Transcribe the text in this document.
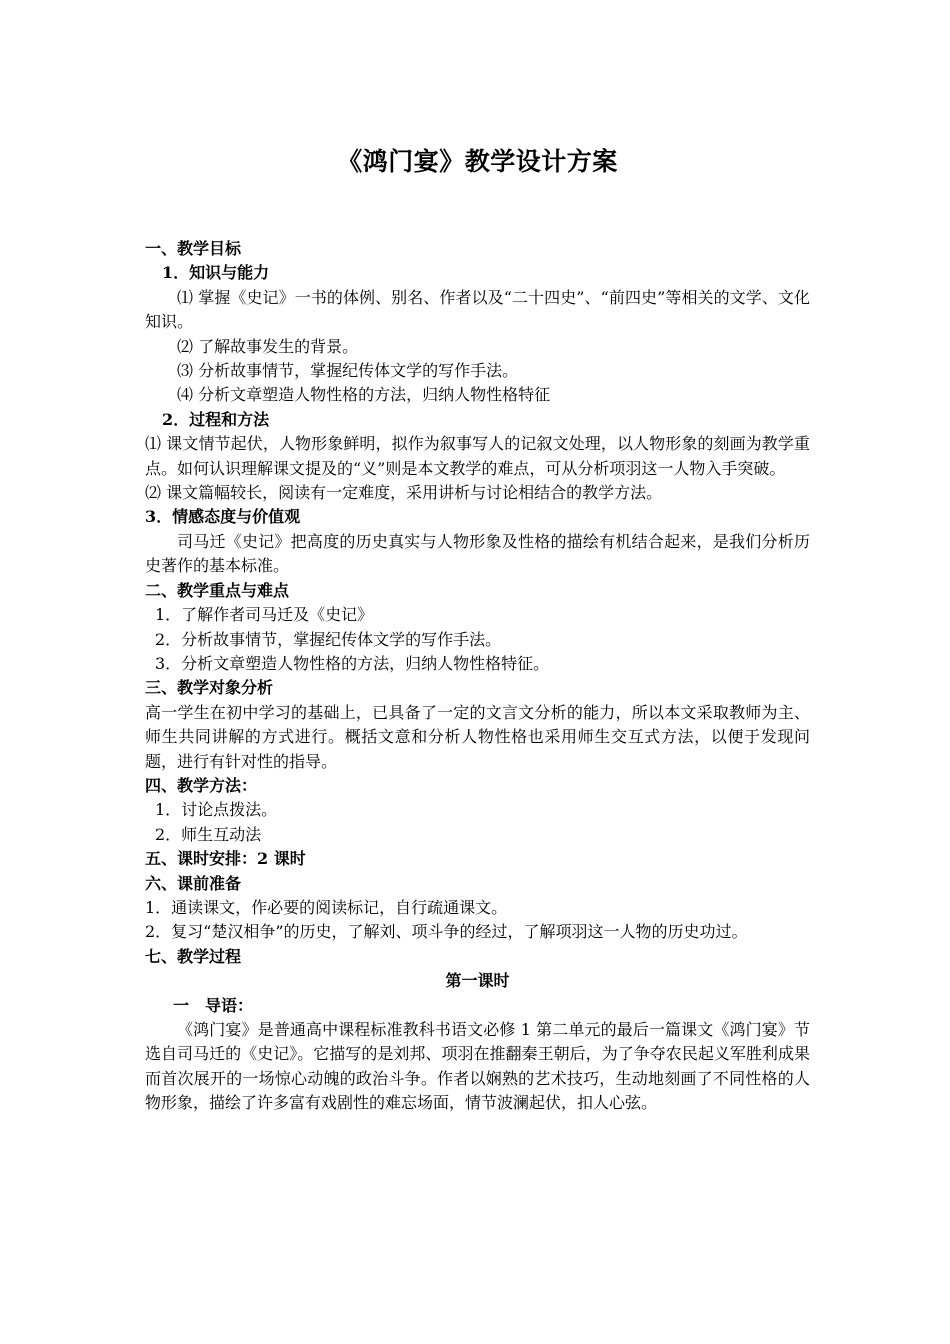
《鸿门宴》教学设计方案

一、教学目标

1．知识与能力

⑴ 掌握《史记》一书的体例、别名、作者以及“二十四史”、“前四史”等相关的文学、文化知识。

⑵ 了解故事发生的背景。

⑶ 分析故事情节，掌握纪传体文学的写作手法。

⑷ 分析文章塑造人物性格的方法，归纳人物性格特征

2．过程和方法

⑴ 课文情节起伏，人物形象鲜明，拟作为叙事写人的记叙文处理，以人物形象的刻画为教学重点。如何认识理解课文提及的“义”则是本文教学的难点，可从分析项羽这一人物入手突破。

⑵ 课文篇幅较长，阅读有一定难度，采用讲析与讨论相结合的教学方法。

3．情感态度与价值观

司马迁《史记》把高度的历史真实与人物形象及性格的描绘有机结合起来，是我们分析历史著作的基本标准。

二、教学重点与难点

1．了解作者司马迁及《史记》

2．分析故事情节，掌握纪传体文学的写作手法。

3．分析文章塑造人物性格的方法，归纳人物性格特征。

三、教学对象分析

高一学生在初中学习的基础上，已具备了一定的文言文分析的能力，所以本文采取教师为主、师生共同讲解的方式进行。概括文意和分析人物性格也采用师生交互式方法，以便于发现问题，进行有针对性的指导。

四、教学方法：

1．讨论点拨法。

2．师生互动法

五、课时安排：2 课时

六、课前准备

1．通读课文，作必要的阅读标记，自行疏通课文。

2．复习“楚汉相争”的历史，了解刘、项斗争的经过，了解项羽这一人物的历史功过。

七、教学过程

第一课时

一　导语：

《鸿门宴》是普通高中课程标准教科书语文必修 1 第二单元的最后一篇课文《鸿门宴》节选自司马迁的《史记》。它描写的是刘邦、项羽在推翻秦王朝后，为了争夺农民起义军胜利成果而首次展开的一场惊心动魄的政治斗争。作者以娴熟的艺术技巧，生动地刻画了不同性格的人物形象，描绘了许多富有戏剧性的难忘场面，情节波澜起伏，扣人心弦。
